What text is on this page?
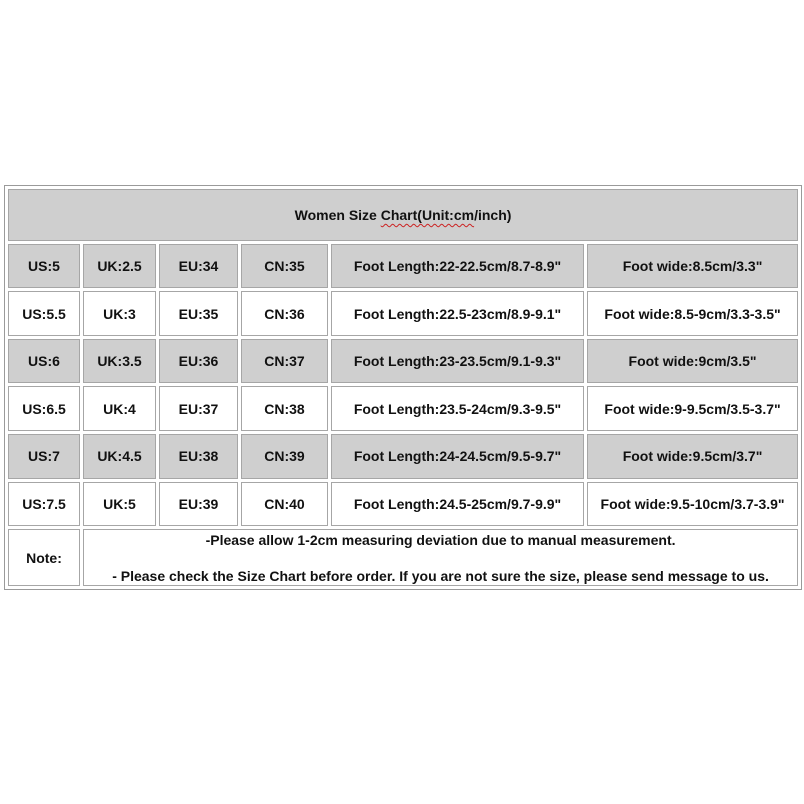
Women Size Chart(Unit:cm/inch)					
US:5	UK:2.5	EU:34	CN:35	Foot Length:22-22.5cm/8.7-8.9"	Foot wide:8.5cm/3.3"
US:5.5	UK:3	EU:35	CN:36	Foot Length:22.5-23cm/8.9-9.1"	Foot wide:8.5-9cm/3.3-3.5"
US:6	UK:3.5	EU:36	CN:37	Foot Length:23-23.5cm/9.1-9.3"	Foot wide:9cm/3.5"
US:6.5	UK:4	EU:37	CN:38	Foot Length:23.5-24cm/9.3-9.5"	Foot wide:9-9.5cm/3.5-3.7"
US:7	UK:4.5	EU:38	CN:39	Foot Length:24-24.5cm/9.5-9.7"	Foot wide:9.5cm/3.7"
US:7.5	UK:5	EU:39	CN:40	Foot Length:24.5-25cm/9.7-9.9"	Foot wide:9.5-10cm/3.7-3.9"
Note:	-Please allow 1-2cm measuring deviation due to manual measurement.
- Please check the Size Chart before order. If you are not sure the size, please send message to us.				
